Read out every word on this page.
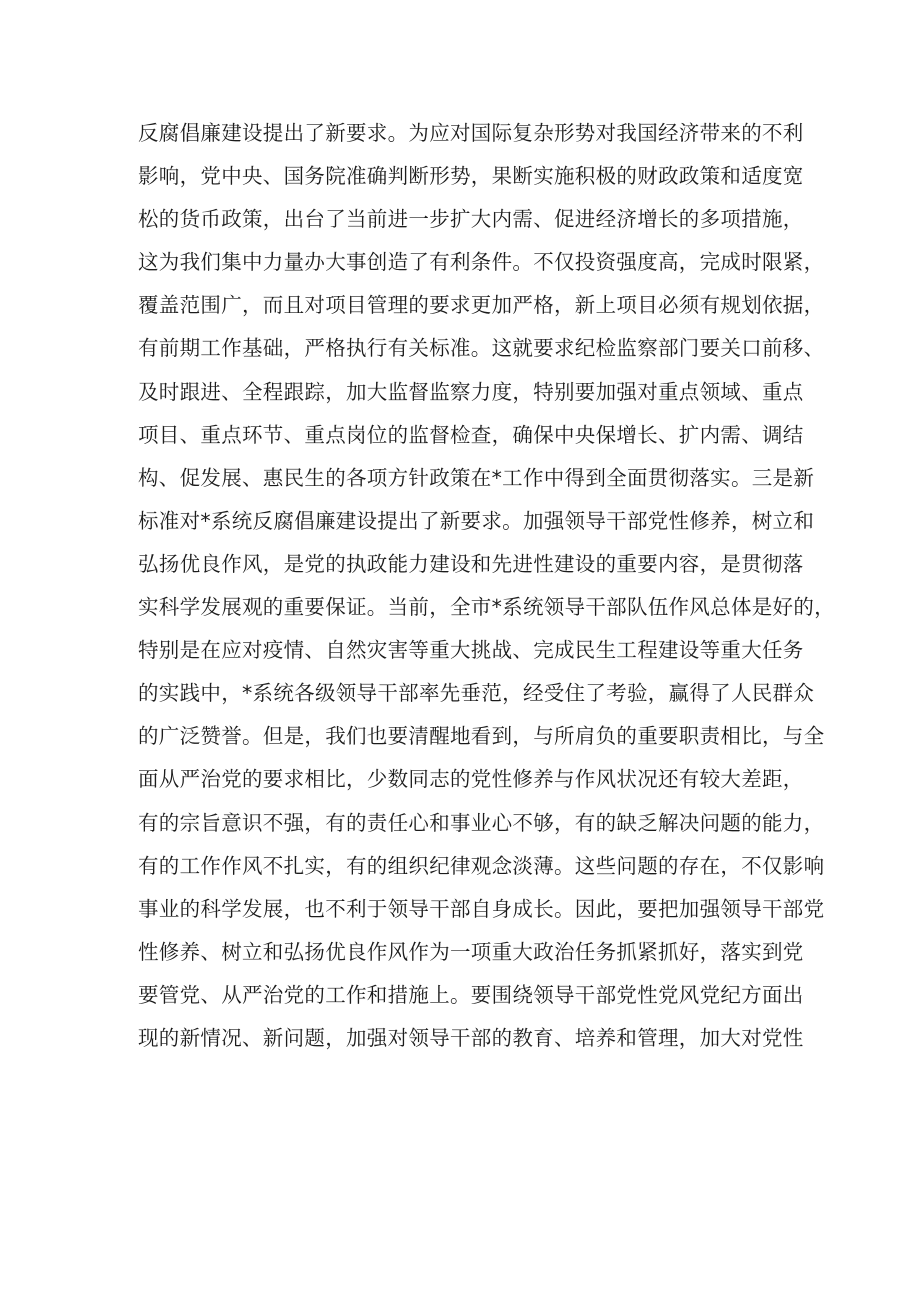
反腐倡廉建设提出了新要求。为应对国际复杂形势对我国经济带来的不利
影响，党中央、国务院准确判断形势，果断实施积极的财政政策和适度宽
松的货币政策，出台了当前进一步扩大内需、促进经济增长的多项措施，
这为我们集中力量办大事创造了有利条件。不仅投资强度高，完成时限紧，
覆盖范围广，而且对项目管理的要求更加严格，新上项目必须有规划依据，
有前期工作基础，严格执行有关标准。这就要求纪检监察部门要关口前移、
及时跟进、全程跟踪，加大监督监察力度，特别要加强对重点领域、重点
项目、重点环节、重点岗位的监督检查，确保中央保增长、扩内需、调结
构、促发展、惠民生的各项方针政策在*工作中得到全面贯彻落实。三是新
标准对*系统反腐倡廉建设提出了新要求。加强领导干部党性修养，树立和
弘扬优良作风，是党的执政能力建设和先进性建设的重要内容，是贯彻落
实科学发展观的重要保证。当前，全市*系统领导干部队伍作风总体是好的，
特别是在应对疫情、自然灾害等重大挑战、完成民生工程建设等重大任务
的实践中，*系统各级领导干部率先垂范，经受住了考验，赢得了人民群众
的广泛赞誉。但是，我们也要清醒地看到，与所肩负的重要职责相比，与全
面从严治党的要求相比，少数同志的党性修养与作风状况还有较大差距，
有的宗旨意识不强，有的责任心和事业心不够，有的缺乏解决问题的能力，
有的工作作风不扎实，有的组织纪律观念淡薄。这些问题的存在，不仅影响
事业的科学发展，也不利于领导干部自身成长。因此，要把加强领导干部党
性修养、树立和弘扬优良作风作为一项重大政治任务抓紧抓好，落实到党
要管党、从严治党的工作和措施上。要围绕领导干部党性党风党纪方面出
现的新情况、新问题，加强对领导干部的教育、培养和管理，加大对党性
